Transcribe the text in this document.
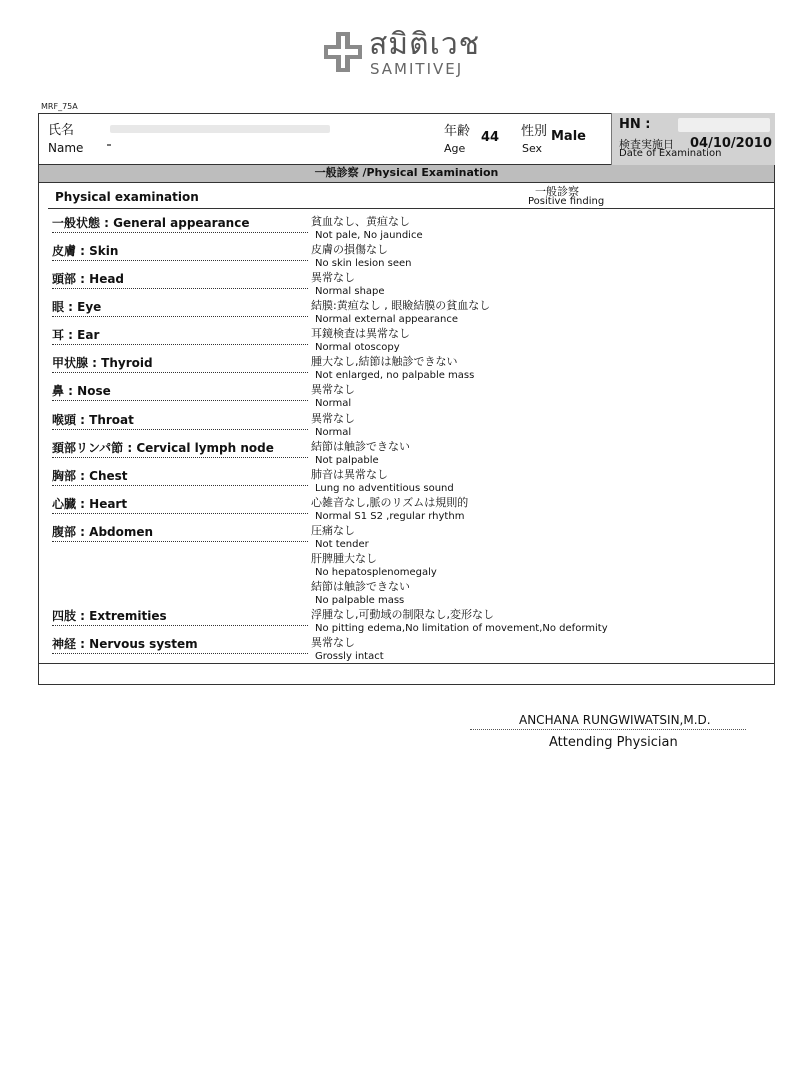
สมิติเวช
SAMITIVEJ
MRF_75A
氏名
Name
年齢
Age
44 性別
Sex
Male
HN :
検査実施日
Date of Examination
04/10/2010
一般診察 /Physical Examination
Physical examination	一般診察
Positive finding
一般状態 : General appearance	貧血なし、黄疸なし
Not pale, No jaundice
皮膚 : Skin	皮膚の損傷なし
No skin lesion seen
頭部 : Head	異常なし
Normal shape
眼 : Eye	結膜:黄疸なし , 眼瞼結膜の貧血なし
Normal external appearance
耳 : Ear	耳鏡検査は異常なし
Normal otoscopy
甲状腺 : Thyroid	腫大なし,結節は触診できない
Not enlarged, no palpable mass
鼻 : Nose	異常なし
Normal
喉頭 : Throat	異常なし
Normal
頚部リンパ節 : Cervical lymph node	結節は触診できない
Not palpable
胸部 : Chest	肺音は異常なし
Lung no adventitious sound
心臓 : Heart	心雑音なし,脈のリズムは規則的
Normal S1 S2 ,regular rhythm
腹部 : Abdomen	圧痛なし
Not tender
肝脾腫大なし
No hepatosplenomegaly
結節は触診できない
No palpable mass
四肢 : Extremities	浮腫なし,可動域の制限なし,変形なし
No pitting edema,No limitation of movement,No deformity
神経 : Nervous system	異常なし
Grossly intact
ANCHANA RUNGWIWATSIN,M.D.
Attending Physician
